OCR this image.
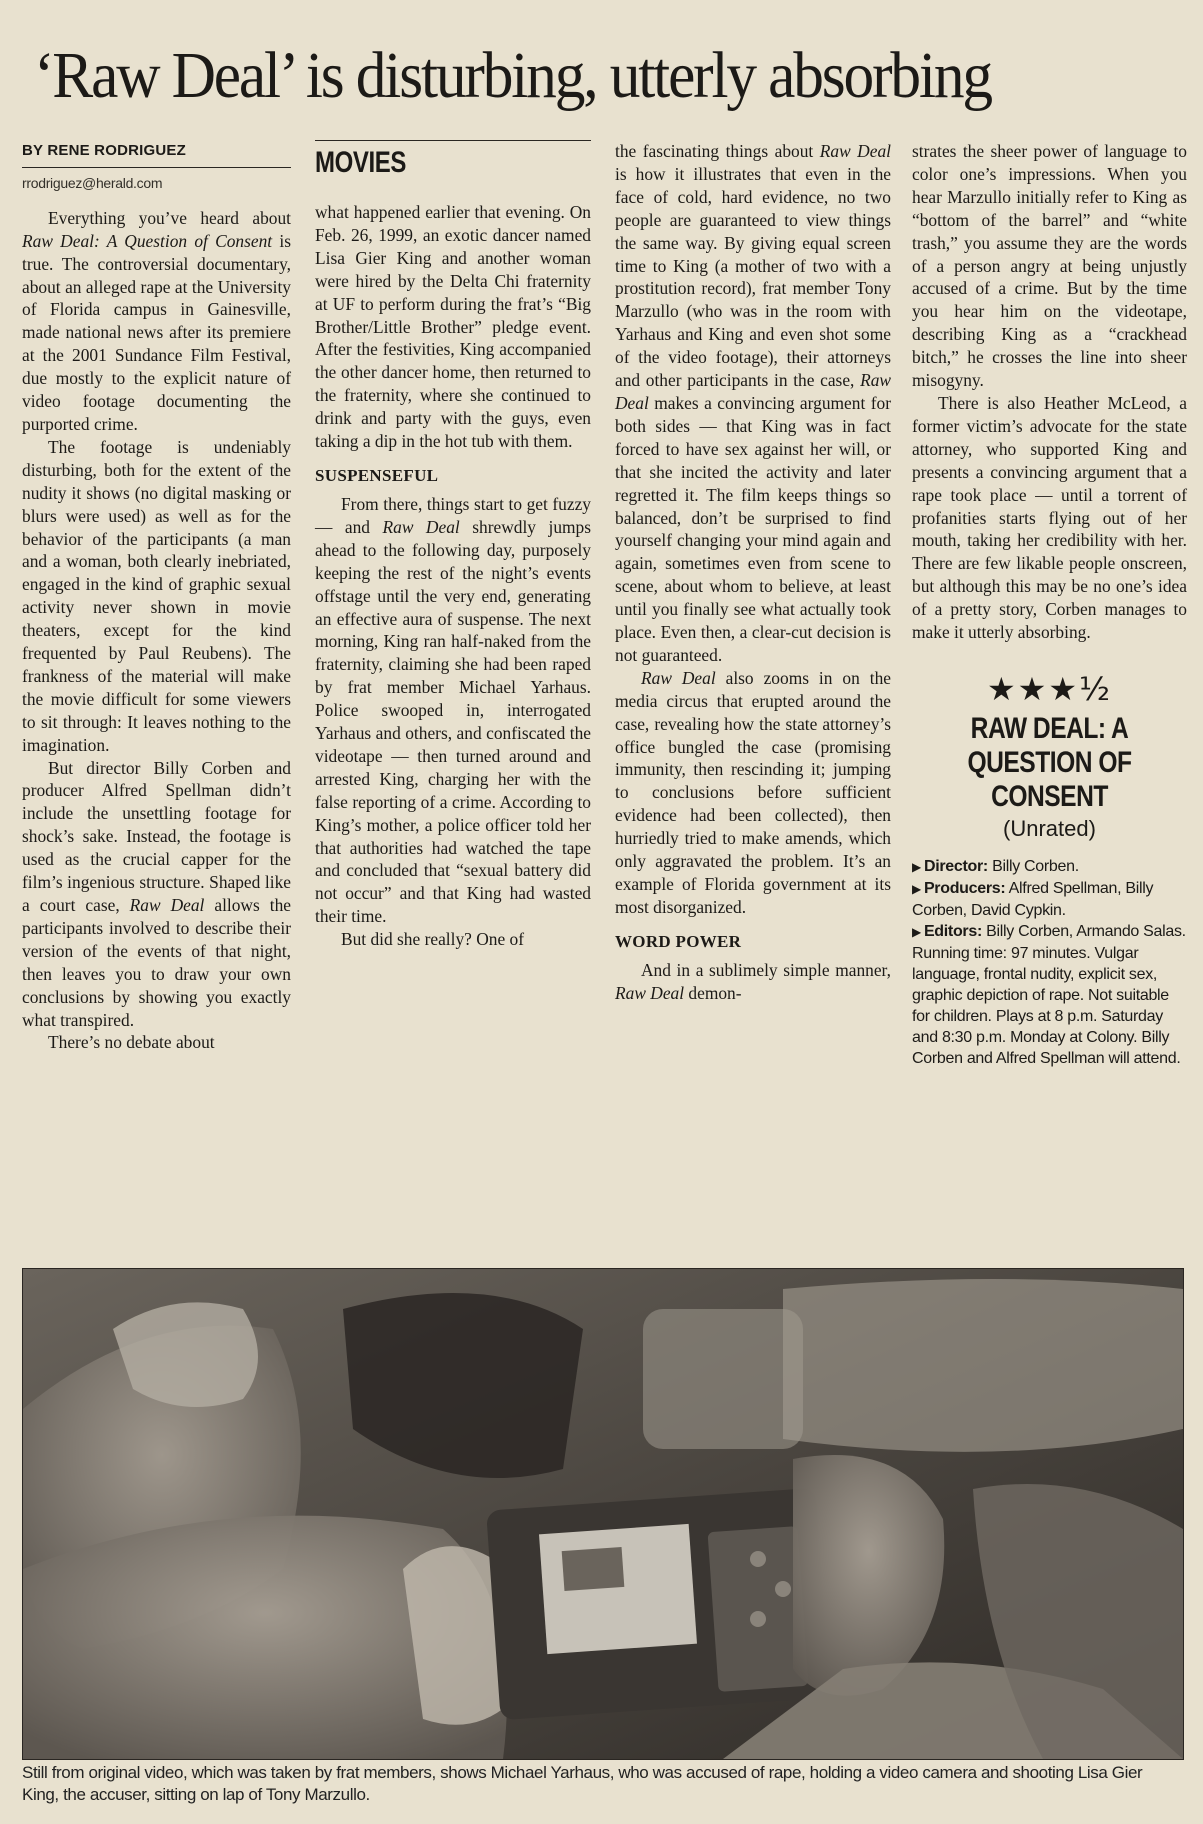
‘Raw Deal’ is disturbing, utterly absorbing
BY RENE RODRIGUEZ
rrodriguez@herald.com

Everything you’ve heard about Raw Deal: A Question of Consent is true. The controversial documentary, about an alleged rape at the University of Florida campus in Gainesville, made national news after its premiere at the 2001 Sundance Film Festival, due mostly to the explicit nature of video footage documenting the purported crime.

The footage is undeniably disturbing, both for the extent of the nudity it shows (no digital masking or blurs were used) as well as for the behavior of the participants (a man and a woman, both clearly inebriated, engaged in the kind of graphic sexual activity never shown in movie theaters, except for the kind frequented by Paul Reubens). The frankness of the material will make the movie difficult for some viewers to sit through: It leaves nothing to the imagination.

But director Billy Corben and producer Alfred Spellman didn’t include the unsettling footage for shock’s sake. Instead, the footage is used as the crucial capper for the film’s ingenious structure. Shaped like a court case, Raw Deal allows the participants involved to describe their version of the events of that night, then leaves you to draw your own conclusions by showing you exactly what transpired.

There’s no debate about

MOVIES

what happened earlier that evening. On Feb. 26, 1999, an exotic dancer named Lisa Gier King and another woman were hired by the Delta Chi fraternity at UF to perform during the frat’s “Big Brother/Little Brother” pledge event. After the festivities, King accompanied the other dancer home, then returned to the fraternity, where she continued to drink and party with the guys, even taking a dip in the hot tub with them.

SUSPENSEFUL

From there, things start to get fuzzy — and Raw Deal shrewdly jumps ahead to the following day, purposely keeping the rest of the night’s events offstage until the very end, generating an effective aura of suspense. The next morning, King ran half-naked from the fraternity, claiming she had been raped by frat member Michael Yarhaus. Police swooped in, interrogated Yarhaus and others, and confiscated the videotape — then turned around and arrested King, charging her with the false reporting of a crime. According to King’s mother, a police officer told her that authorities had watched the tape and concluded that “sexual battery did not occur” and that King had wasted their time.

But did she really? One of

the fascinating things about Raw Deal is how it illustrates that even in the face of cold, hard evidence, no two people are guaranteed to view things the same way. By giving equal screen time to King (a mother of two with a prostitution record), frat member Tony Marzullo (who was in the room with Yarhaus and King and even shot some of the video footage), their attorneys and other participants in the case, Raw Deal makes a convincing argument for both sides — that King was in fact forced to have sex against her will, or that she incited the activity and later regretted it. The film keeps things so balanced, don’t be surprised to find yourself changing your mind again and again, sometimes even from scene to scene, about whom to believe, at least until you finally see what actually took place. Even then, a clear-cut decision is not guaranteed.

Raw Deal also zooms in on the media circus that erupted around the case, revealing how the state attorney’s office bungled the case (promising immunity, then rescinding it; jumping to conclusions before sufficient evidence had been collected), then hurriedly tried to make amends, which only aggravated the problem. It’s an example of Florida government at its most disorganized.

WORD POWER

And in a sublimely simple manner, Raw Deal demon-

strates the sheer power of language to color one’s impressions. When you hear Marzullo initially refer to King as “bottom of the barrel” and “white trash,” you assume they are the words of a person angry at being unjustly accused of a crime. But by the time you hear him on the videotape, describing King as a “crackhead bitch,” he crosses the line into sheer misogyny.

There is also Heather McLeod, a former victim’s advocate for the state attorney, who supported King and presents a convincing argument that a rape took place — until a torrent of profanities starts flying out of her mouth, taking her credibility with her. There are few likable people onscreen, but although this may be no one’s idea of a pretty story, Corben manages to make it utterly absorbing.

★★★½
RAW DEAL: A QUESTION OF CONSENT
(Unrated)
▶ Director: Billy Corben.
▶ Producers: Alfred Spellman, Billy Corben, David Cypkin.
▶ Editors: Billy Corben, Armando Salas.
Running time: 97 minutes. Vulgar language, frontal nudity, explicit sex, graphic depiction of rape. Not suitable for children. Plays at 8 p.m. Saturday and 8:30 p.m. Monday at Colony. Billy Corben and Alfred Spellman will attend.
Still from original video, which was taken by frat members, shows Michael Yarhaus, who was accused of rape, holding a video camera and shooting Lisa Gier King, the accuser, sitting on lap of Tony Marzullo.
